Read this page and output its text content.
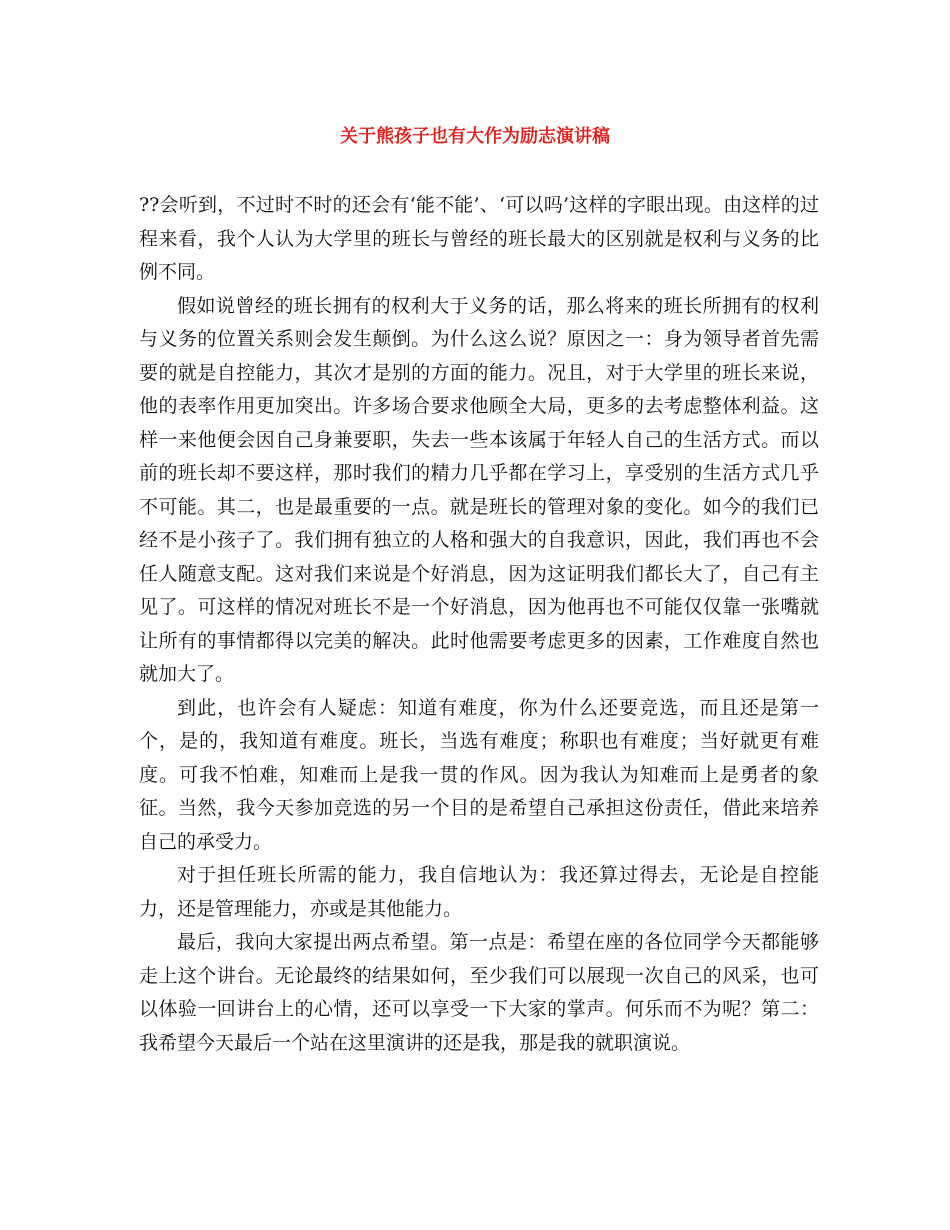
关于熊孩子也有大作为励志演讲稿

??会听到，不过时不时的还会有‘能不能’、‘可以吗’这样的字眼出现。由这样的过程来看，我个人认为大学里的班长与曾经的班长最大的区别就是权利与义务的比例不同。

假如说曾经的班长拥有的权利大于义务的话，那么将来的班长所拥有的权利与义务的位置关系则会发生颠倒。为什么这么说？原因之一：身为领导者首先需要的就是自控能力，其次才是别的方面的能力。况且，对于大学里的班长来说，他的表率作用更加突出。许多场合要求他顾全大局，更多的去考虑整体利益。这样一来他便会因自己身兼要职，失去一些本该属于年轻人自己的生活方式。而以前的班长却不要这样，那时我们的精力几乎都在学习上，享受别的生活方式几乎不可能。其二，也是最重要的一点。就是班长的管理对象的变化。如今的我们已经不是小孩子了。我们拥有独立的人格和强大的自我意识，因此，我们再也不会任人随意支配。这对我们来说是个好消息，因为这证明我们都长大了，自己有主见了。可这样的情况对班长不是一个好消息，因为他再也不可能仅仅靠一张嘴就让所有的事情都得以完美的解决。此时他需要考虑更多的因素，工作难度自然也就加大了。

到此，也许会有人疑虑：知道有难度，你为什么还要竞选，而且还是第一个，是的，我知道有难度。班长，当选有难度；称职也有难度；当好就更有难度。可我不怕难，知难而上是我一贯的作风。因为我认为知难而上是勇者的象征。当然，我今天参加竞选的另一个目的是希望自己承担这份责任，借此来培养自己的承受力。

对于担任班长所需的能力，我自信地认为：我还算过得去，无论是自控能力，还是管理能力，亦或是其他能力。

最后，我向大家提出两点希望。第一点是：希望在座的各位同学今天都能够走上这个讲台。无论最终的结果如何，至少我们可以展现一次自己的风采，也可以体验一回讲台上的心情，还可以享受一下大家的掌声。何乐而不为呢？第二：我希望今天最后一个站在这里演讲的还是我，那是我的就职演说。
